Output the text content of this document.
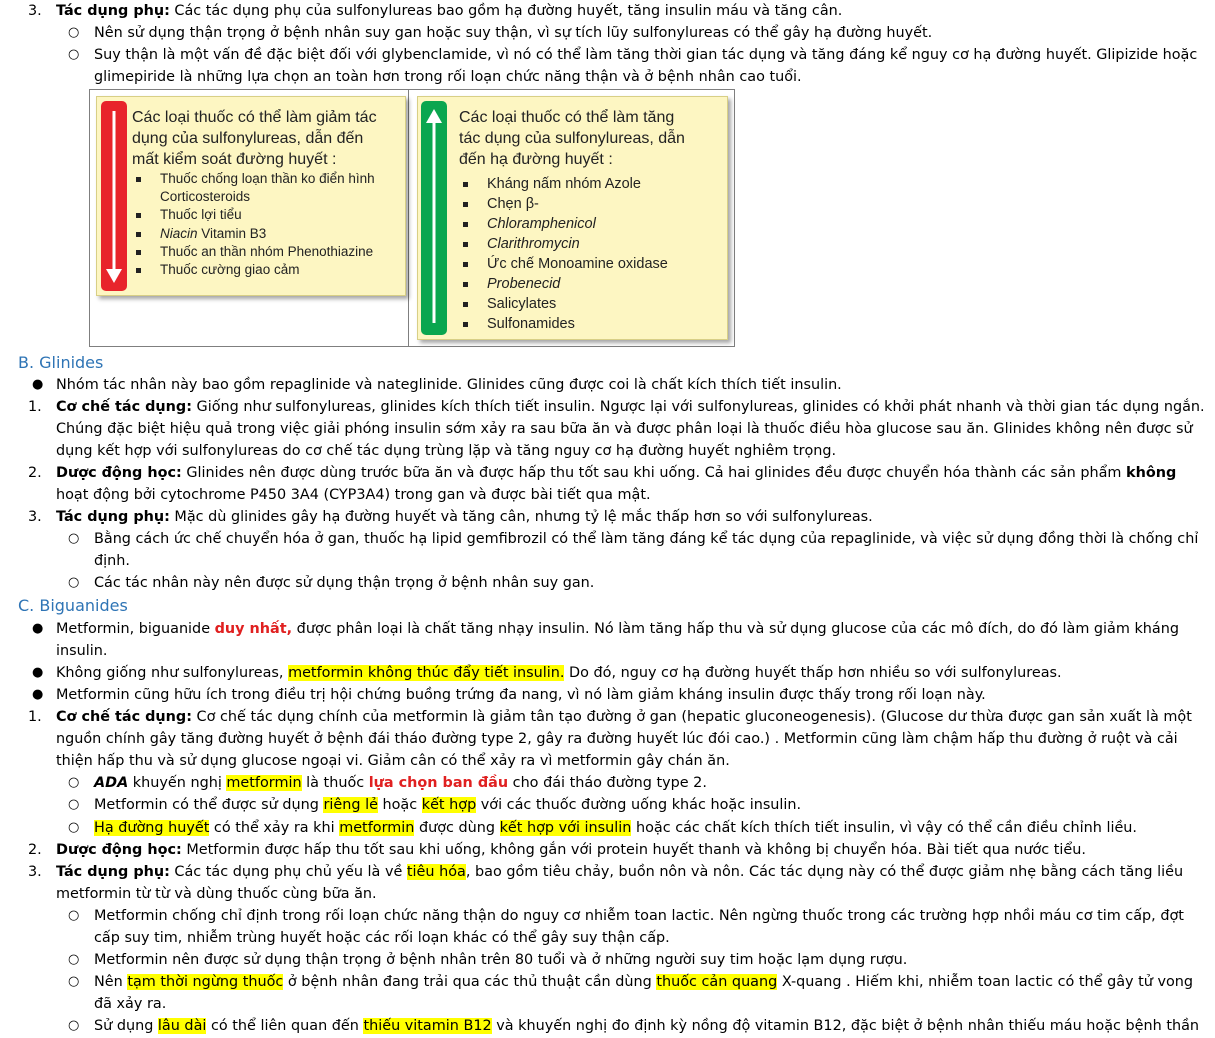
3. Tác dụng phụ: Các tác dụng phụ của sulfonylureas bao gồm hạ đường huyết, tăng insulin máu và tăng cân.
○ Nên sử dụng thận trọng ở bệnh nhân suy gan hoặc suy thận, vì sự tích lũy sulfonylureas có thể gây hạ đường huyết.
○ Suy thận là một vấn đề đặc biệt đối với glybenclamide, vì nó có thể làm tăng thời gian tác dụng và tăng đáng kể nguy cơ hạ đường huyết. Glipizide hoặc
glimepiride là những lựa chọn an toàn hơn trong rối loạn chức năng thận và ở bệnh nhân cao tuổi.
Các loại thuốc có thể làm giảm tác
dụng của sulfonylureas, dẫn đến
mất kiểm soát đường huyết :
Thuốc chống loạn thần ko điển hình
Corticosteroids
Thuốc lợi tiểu
Niacin Vitamin B3
Thuốc an thần nhóm Phenothiazine
Thuốc cường giao cảm
Các loại thuốc có thể làm tăng
tác dụng của sulfonylureas, dẫn
đến hạ đường huyết :
Kháng nấm nhóm Azole
Chẹn β-
Chloramphenicol
Clarithromycin
Ức chế Monoamine oxidase
Probenecid
Salicylates
Sulfonamides
B. Glinides
● Nhóm tác nhân này bao gồm repaglinide và nateglinide. Glinides cũng được coi là chất kích thích tiết insulin.
1. Cơ chế tác dụng: Giống như sulfonylureas, glinides kích thích tiết insulin. Ngược lại với sulfonylureas, glinides có khởi phát nhanh và thời gian tác dụng ngắn.
Chúng đặc biệt hiệu quả trong việc giải phóng insulin sớm xảy ra sau bữa ăn và được phân loại là thuốc điều hòa glucose sau ăn. Glinides không nên được sử
dụng kết hợp với sulfonylureas do cơ chế tác dụng trùng lặp và tăng nguy cơ hạ đường huyết nghiêm trọng.
2. Dược động học: Glinides nên được dùng trước bữa ăn và được hấp thu tốt sau khi uống. Cả hai glinides đều được chuyển hóa thành các sản phẩm không
hoạt động bởi cytochrome P450 3A4 (CYP3A4) trong gan và được bài tiết qua mật.
3. Tác dụng phụ: Mặc dù glinides gây hạ đường huyết và tăng cân, nhưng tỷ lệ mắc thấp hơn so với sulfonylureas.
○ Bằng cách ức chế chuyển hóa ở gan, thuốc hạ lipid gemfibrozil có thể làm tăng đáng kể tác dụng của repaglinide, và việc sử dụng đồng thời là chống chỉ
định.
○ Các tác nhân này nên được sử dụng thận trọng ở bệnh nhân suy gan.
C. Biguanides
● Metformin, biguanide duy nhất, được phân loại là chất tăng nhạy insulin. Nó làm tăng hấp thu và sử dụng glucose của các mô đích, do đó làm giảm kháng
insulin.
● Không giống như sulfonylureas, metformin không thúc đẩy tiết insulin. Do đó, nguy cơ hạ đường huyết thấp hơn nhiều so với sulfonylureas.
● Metformin cũng hữu ích trong điều trị hội chứng buồng trứng đa nang, vì nó làm giảm kháng insulin được thấy trong rối loạn này.
1. Cơ chế tác dụng: Cơ chế tác dụng chính của metformin là giảm tân tạo đường ở gan (hepatic gluconeogenesis). (Glucose dư thừa được gan sản xuất là một
nguồn chính gây tăng đường huyết ở bệnh đái tháo đường type 2, gây ra đường huyết lúc đói cao.) . Metformin cũng làm chậm hấp thu đường ở ruột và cải
thiện hấp thu và sử dụng glucose ngoại vi. Giảm cân có thể xảy ra vì metformin gây chán ăn.
○ ADA khuyến nghị metformin là thuốc lựa chọn ban đầu cho đái tháo đường type 2.
○ Metformin có thể được sử dụng riêng lẻ hoặc kết hợp với các thuốc đường uống khác hoặc insulin.
○ Hạ đường huyết có thể xảy ra khi metformin được dùng kết hợp với insulin hoặc các chất kích thích tiết insulin, vì vậy có thể cần điều chỉnh liều.
2. Dược động học: Metformin được hấp thu tốt sau khi uống, không gắn với protein huyết thanh và không bị chuyển hóa. Bài tiết qua nước tiểu.
3. Tác dụng phụ: Các tác dụng phụ chủ yếu là về tiêu hóa, bao gồm tiêu chảy, buồn nôn và nôn. Các tác dụng này có thể được giảm nhẹ bằng cách tăng liều
metformin từ từ và dùng thuốc cùng bữa ăn.
○ Metformin chống chỉ định trong rối loạn chức năng thận do nguy cơ nhiễm toan lactic. Nên ngừng thuốc trong các trường hợp nhồi máu cơ tim cấp, đợt
cấp suy tim, nhiễm trùng huyết hoặc các rối loạn khác có thể gây suy thận cấp.
○ Metformin nên được sử dụng thận trọng ở bệnh nhân trên 80 tuổi và ở những người suy tim hoặc lạm dụng rượu.
○ Nên tạm thời ngừng thuốc ở bệnh nhân đang trải qua các thủ thuật cần dùng thuốc cản quang X-quang . Hiếm khi, nhiễm toan lactic có thể gây tử vong
đã xảy ra.
○ Sử dụng lâu dài có thể liên quan đến thiếu vitamin B12 và khuyến nghị đo định kỳ nồng độ vitamin B12, đặc biệt ở bệnh nhân thiếu máu hoặc bệnh thần
